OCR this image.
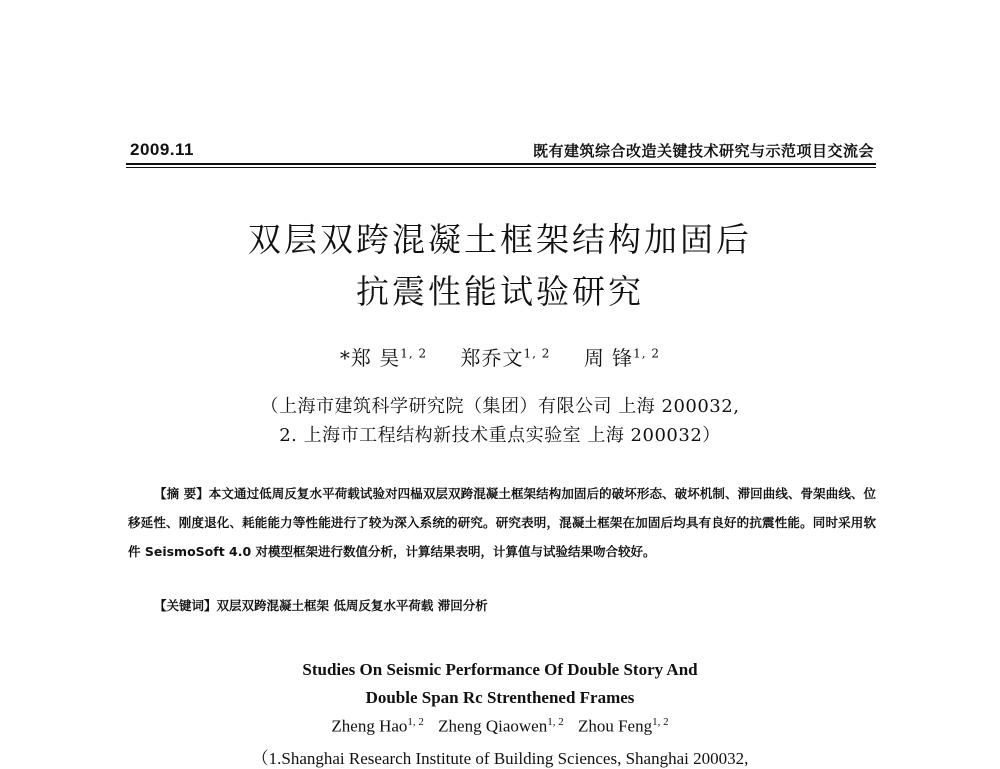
2009.11	既有建筑综合改造关键技术研究与示范项目交流会
双层双跨混凝土框架结构加固后
抗震性能试验研究
*郑 昊$^{1, 2}$ 郑乔文$^{1, 2}$ 周 锋$^{1, 2}$
（上海市建筑科学研究院（集团）有限公司 上海 200032,
2. 上海市工程结构新技术重点实验室 上海 200032）
【摘 要】本文通过低周反复水平荷载试验对四榀双层双跨混凝土框架结构加固后的破坏形态、破坏机制、滞回曲线、骨架曲线、位移延性、刚度退化、耗能能力等性能进行了较为深入系统的研究。研究表明，混凝土框架在加固后均具有良好的抗震性能。同时采用软件 SeismoSoft 4.0 对模型框架进行数值分析，计算结果表明，计算值与试验结果吻合较好。
【关键词】双层双跨混凝土框架 低周反复水平荷载 滞回分析
Studies On Seismic Performance Of Double Story And
Double Span Rc Strenthened Frames
Zheng Hao$^{1, 2}$ Zheng Qiaowen$^{1, 2}$ Zhou Feng$^{1, 2}$
（1.Shanghai Research Institute of Building Sciences, Shanghai 200032,
